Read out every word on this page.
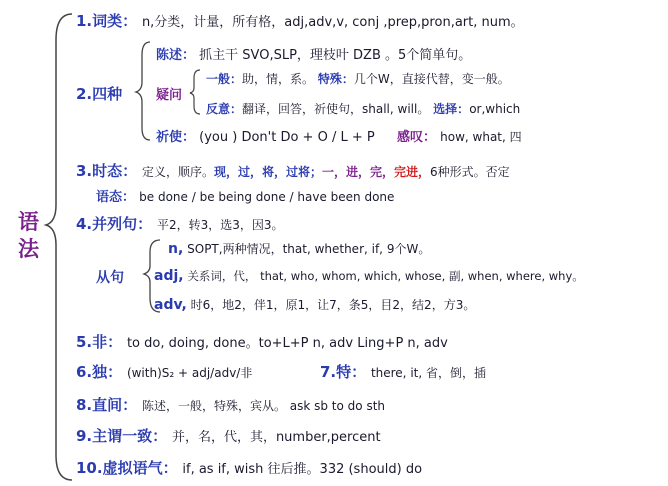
语
法
1.词类： n,分类，计量，所有格，adj,adv,v, conj ,prep,pron,art, num。
2.四种
陈述： 抓主干 SVO,SLP，理枝叶 DZB 。5个简单句。
疑问
一般：助，情，系。 特殊：几个W，直接代替，变一般。
反意：翻译，回答，祈使句，shall, will。 选择：or,which
祈使： (you ) Don't Do + O / L + P 感叹： how, what, 四
3.时态： 定义，顺序。现，过，将，过将；一，进，完，完进，6种形式。否定
语态： be done / be being done / have been done
4.并列句： 平2，转3，选3，因3。
从句
n, SOPT,两种情况，that, whether, if, 9个W。
adj, 关系词，代， that, who, whom, which, whose, 副, when, where, why。
adv, 时6，地2，伴1，原1，让7，条5，目2，结2，方3。
5.非： to do, doing, done。to+L+P n, adv Ling+P n, adv
6.独： (with)S₂ + adj/adv/非	7.特： there, it, 省，倒，插
8.直间： 陈述，一般，特殊，宾从。 ask sb to do sth
9.主谓一致： 并，名，代，其，number,percent
10.虚拟语气： if, as if, wish 往后推。332 (should) do
